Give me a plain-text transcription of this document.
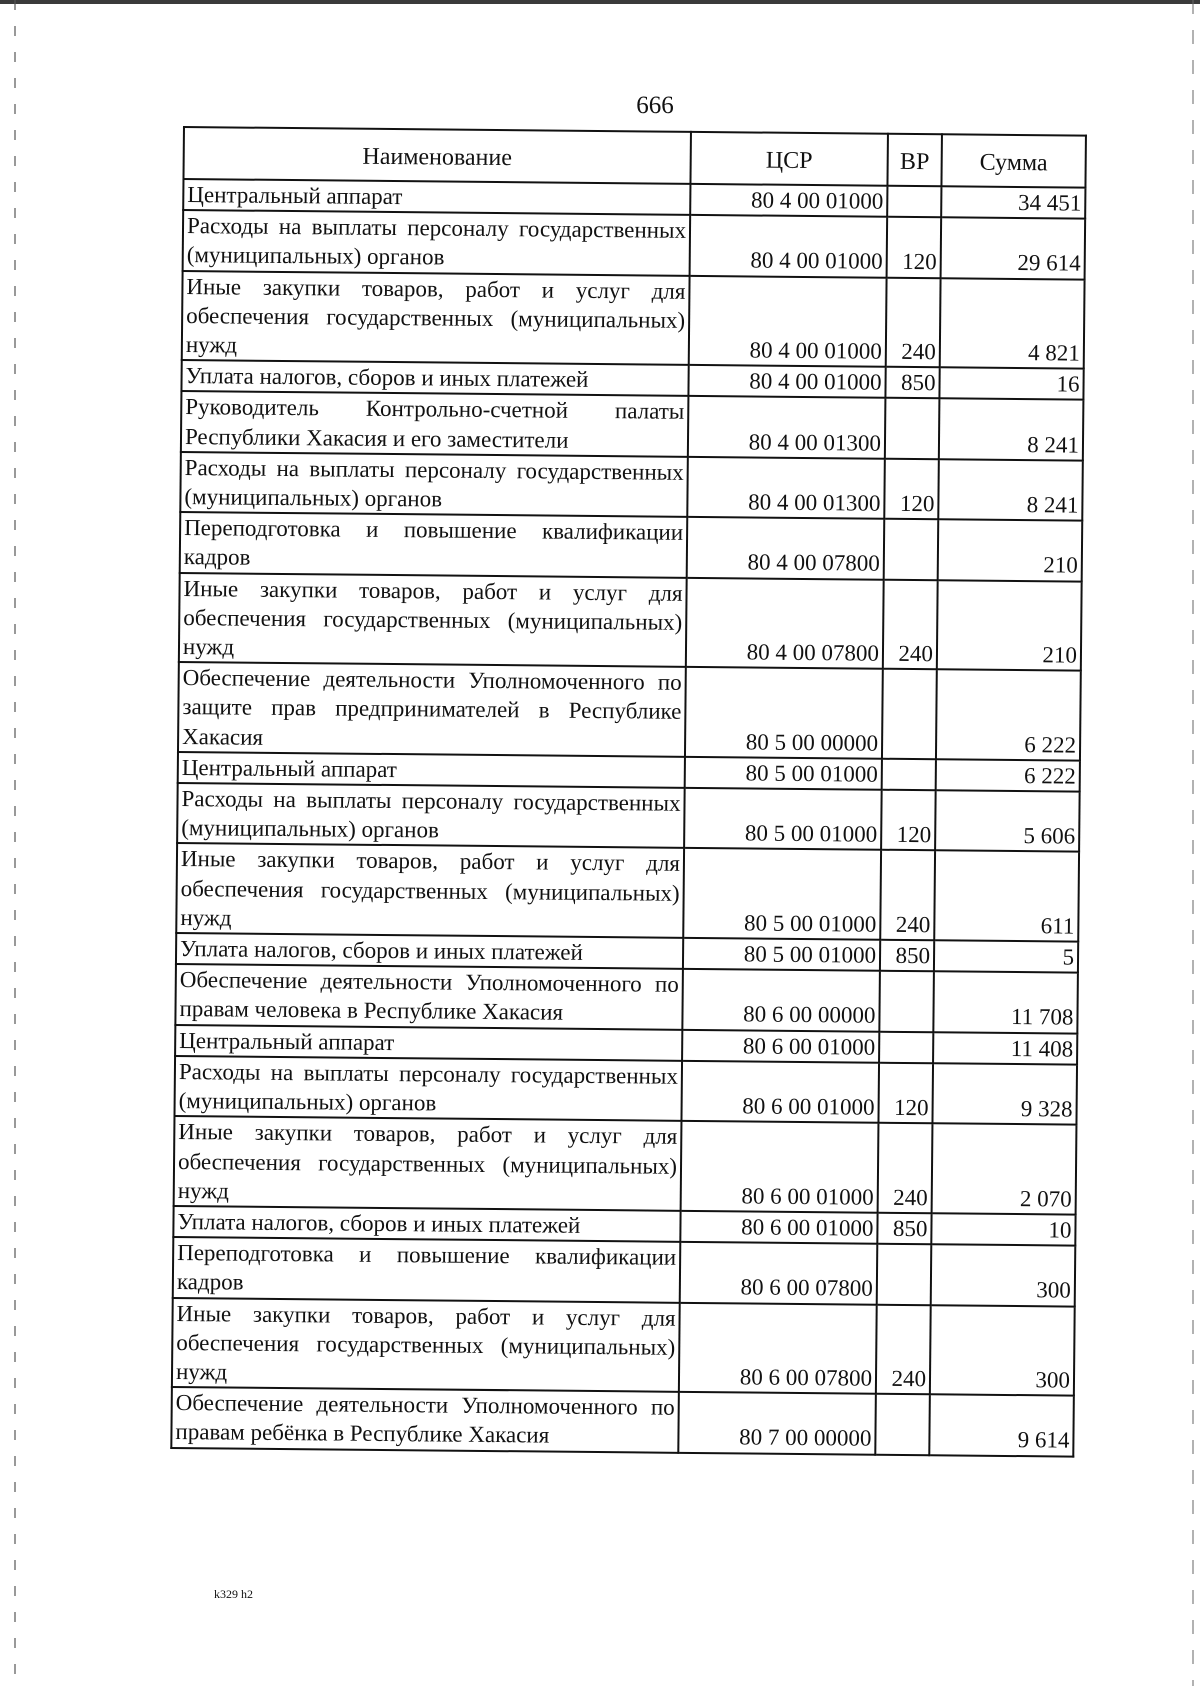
666
Наименование	ЦСР	ВР	Сумма
Центральный аппарат	80 4 00 01000		34 451
Расходы на выплаты персоналу государственных (муниципальных) органов	80 4 00 01000	120	29 614
Иные закупки товаров, работ и услуг для обеспечения государственных (муниципальных) нужд	80 4 00 01000	240	4 821
Уплата налогов, сборов и иных платежей	80 4 00 01000	850	16
Руководитель Контрольно-счетной палаты Республики Хакасия и его заместители	80 4 00 01300		8 241
Расходы на выплаты персоналу государственных (муниципальных) органов	80 4 00 01300	120	8 241
Переподготовка и повышение квалификации кадров	80 4 00 07800		210
Иные закупки товаров, работ и услуг для обеспечения государственных (муниципальных) нужд	80 4 00 07800	240	210
Обеспечение деятельности Уполномоченного по защите прав предпринимателей в Республике Хакасия	80 5 00 00000		6 222
Центральный аппарат	80 5 00 01000		6 222
Расходы на выплаты персоналу государственных (муниципальных) органов	80 5 00 01000	120	5 606
Иные закупки товаров, работ и услуг для обеспечения государственных (муниципальных) нужд	80 5 00 01000	240	611
Уплата налогов, сборов и иных платежей	80 5 00 01000	850	5
Обеспечение деятельности Уполномоченного по правам человека в Республике Хакасия	80 6 00 00000		11 708
Центральный аппарат	80 6 00 01000		11 408
Расходы на выплаты персоналу государственных (муниципальных) органов	80 6 00 01000	120	9 328
Иные закупки товаров, работ и услуг для обеспечения государственных (муниципальных) нужд	80 6 00 01000	240	2 070
Уплата налогов, сборов и иных платежей	80 6 00 01000	850	10
Переподготовка и повышение квалификации кадров	80 6 00 07800		300
Иные закупки товаров, работ и услуг для обеспечения государственных (муниципальных) нужд	80 6 00 07800	240	300
Обеспечение деятельности Уполномоченного по правам ребёнка в Республике Хакасия	80 7 00 00000		9 614
k329 h2
